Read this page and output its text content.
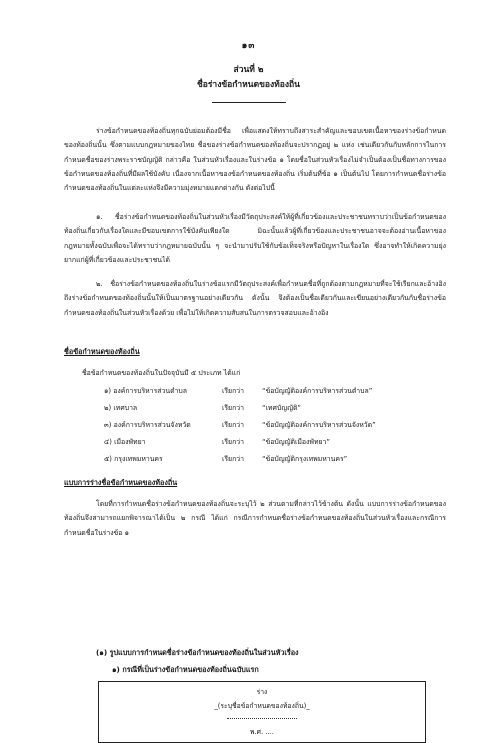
๑๓
ส่วนที่ ๒
ชื่อร่างข้อกำหนดของท้องถิ่น

ร่างข้อกำหนดของท้องถิ่นทุกฉบับย่อมต้องมีชื่อ เพื่อแสดงให้ทราบถึงสาระสำคัญและขอบเขตเนื้อหาของร่างข้อกำหนดของท้องถิ่นนั้น ซึ่งตามแบบกฎหมายของไทย ชื่อของร่างข้อกำหนดของท้องถิ่นจะปรากฏอยู่ ๒ แห่ง เช่นเดียวกันกับหลักการในการกำหนดชื่อของร่างพระราชบัญญัติ กล่าวคือ ในส่วนหัวเรื่องและในร่างข้อ ๑ โดยชื่อในส่วนหัวเรื่องไม่จำเป็นต้องเป็นชื่อทางการของข้อกำหนดของท้องถิ่นที่มีผลใช้บังคับ เนื่องจากเนื้อหาของข้อกำหนดของท้องถิ่น เริ่มต้นที่ข้อ ๑ เป็นต้นไป โดยการกำหนดชื่อร่างข้อกำหนดของท้องถิ่นในแต่ละแห่งจึงมีความมุ่งหมายแตกต่างกัน ดังต่อไปนี้

๑. ชื่อร่างข้อกำหนดของท้องถิ่นในส่วนหัวเรื่องมีวัตถุประสงค์ให้ผู้ที่เกี่ยวข้องและประชาชนทราบว่าเป็นข้อกำหนดของท้องถิ่นเกี่ยวกับเรื่องใดและมีขอบเขตการใช้บังคับเพียงใด มิฉะนั้นแล้วผู้ที่เกี่ยวข้องและประชาชนอาจจะต้องอ่านเนื้อหาของกฎหมายทั้งฉบับเพื่อจะได้ทราบว่ากฎหมายฉบับนั้น ๆ จะนำมาปรับใช้กับข้อเท็จจริงหรือปัญหาในเรื่องใด ซึ่งอาจทำให้เกิดความยุ่งยากแก่ผู้ที่เกี่ยวข้องและประชาชนได้

๒. ชื่อร่างข้อกำหนดของท้องถิ่นในร่างข้อแรกมีวัตถุประสงค์เพื่อกำหนดชื่อที่ถูกต้องตามกฎหมายที่จะใช้เรียกและอ้างอิงถึงร่างข้อกำหนดของท้องถิ่นนั้นให้เป็นมาตรฐานอย่างเดียวกัน ดังนั้น จึงต้องเป็นชื่อเดียวกันและเขียนอย่างเดียวกันกับชื่อร่างข้อกำหนดของท้องถิ่นในส่วนหัวเรื่องด้วย เพื่อไม่ให้เกิดความสับสนในการตรวจสอบและอ้างอิง

ชื่อข้อกำหนดของท้องถิ่น
ชื่อข้อกำหนดของท้องถิ่นในปัจจุบันมี ๕ ประเภท ได้แก่
๑) องค์การบริหารส่วนตำบล	เรียกว่า	“ข้อบัญญัติองค์การบริหารส่วนตำบล”
๒) เทศบาล	เรียกว่า	“เทศบัญญัติ”
๓) องค์การบริหารส่วนจังหวัด	เรียกว่า	“ข้อบัญญัติองค์การบริหารส่วนจังหวัด”
๔) เมืองพัทยา	เรียกว่า	“ข้อบัญญัติเมืองพัทยา”
๕) กรุงเทพมหานคร	เรียกว่า	“ข้อบัญญัติกรุงเทพมหานคร”
แบบการร่างชื่อข้อกำหนดของท้องถิ่น

โดยที่การกำหนดชื่อร่างข้อกำหนดของท้องถิ่นจะระบุไว้ ๒ ส่วนตามที่กล่าวไว้ข้างต้น ดังนั้น แบบการร่างข้อกำหนดของท้องถิ่นจึงสามารถแยกพิจารณาได้เป็น ๒ กรณี ได้แก่ กรณีการกำหนดชื่อร่างข้อกำหนดของท้องถิ่นในส่วนหัวเรื่องและกรณีการกำหนดชื่อในร่างข้อ ๑

(๑) รูปแบบการกำหนดชื่อร่างข้อกำหนดของท้องถิ่นในส่วนหัวเรื่อง
๑) กรณีที่เป็นร่างข้อกำหนดของท้องถิ่นฉบับแรก
ร่าง
_(ระบุชื่อข้อกำหนดของท้องถิ่น)_
พ.ศ. ....
